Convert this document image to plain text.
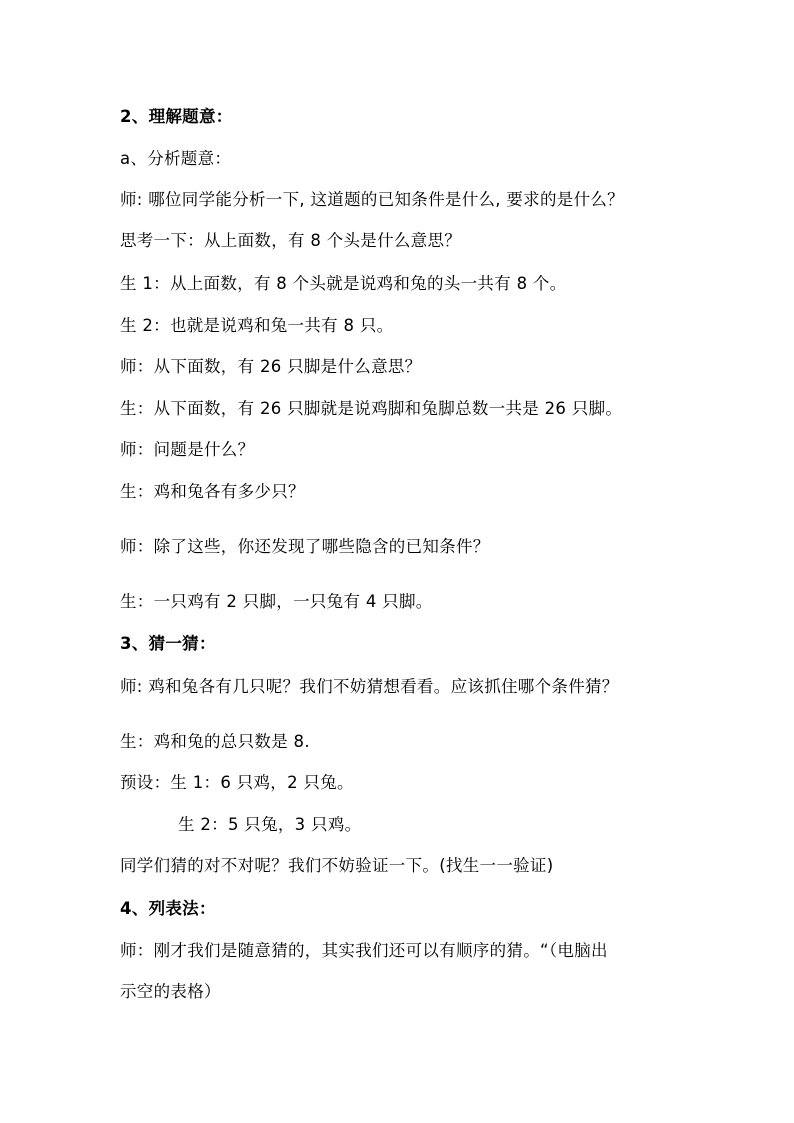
2、理解题意：
a、分析题意：
师: 哪位同学能分析一下, 这道题的已知条件是什么, 要求的是什么？
思考一下：从上面数，有 8 个头是什么意思？
生 1：从上面数，有 8 个头就是说鸡和兔的头一共有 8 个。
生 2：也就是说鸡和兔一共有 8 只。
师：从下面数，有 26 只脚是什么意思？
生：从下面数，有 26 只脚就是说鸡脚和兔脚总数一共是 26 只脚。
师：问题是什么？
生：鸡和兔各有多少只？
师：除了这些，你还发现了哪些隐含的已知条件？
生：一只鸡有 2 只脚，一只兔有 4 只脚。
3、猜一猜：
师: 鸡和兔各有几只呢？我们不妨猜想看看。应该抓住哪个条件猜？
生：鸡和兔的总只数是 8.
预设：生 1：6 只鸡，2 只兔。
生 2：5 只兔，3 只鸡。
同学们猜的对不对呢？我们不妨验证一下。(找生一一验证)
4、列表法：
师：刚才我们是随意猜的，其实我们还可以有顺序的猜。“（电脑出
示空的表格）
